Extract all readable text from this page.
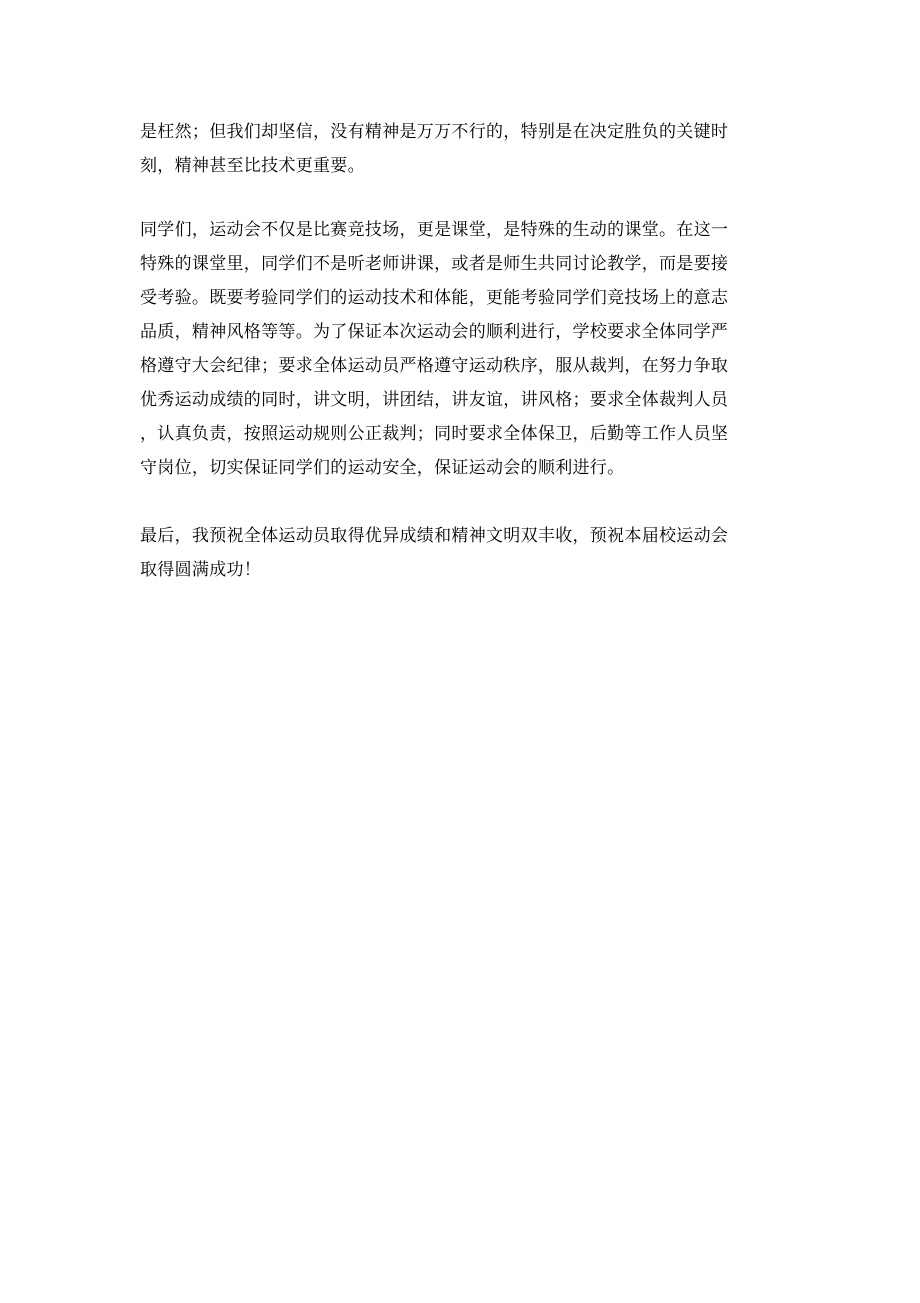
是枉然；但我们却坚信，没有精神是万万不行的，特别是在决定胜负的关键时
刻，精神甚至比技术更重要。

同学们，运动会不仅是比赛竞技场，更是课堂，是特殊的生动的课堂。在这一
特殊的课堂里，同学们不是听老师讲课，或者是师生共同讨论教学，而是要接
受考验。既要考验同学们的运动技术和体能，更能考验同学们竞技场上的意志
品质，精神风格等等。为了保证本次运动会的顺利进行，学校要求全体同学严
格遵守大会纪律；要求全体运动员严格遵守运动秩序，服从裁判，在努力争取
优秀运动成绩的同时，讲文明，讲团结，讲友谊，讲风格；要求全体裁判人员
，认真负责，按照运动规则公正裁判；同时要求全体保卫，后勤等工作人员坚
守岗位，切实保证同学们的运动安全，保证运动会的顺利进行。

最后，我预祝全体运动员取得优异成绩和精神文明双丰收，预祝本届校运动会
取得圆满成功！
